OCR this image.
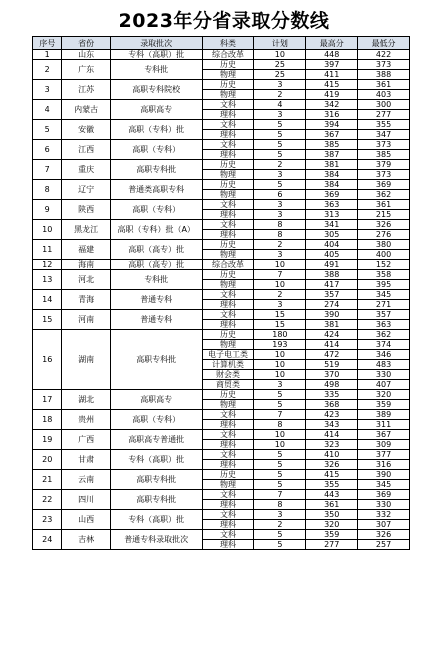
2023年分省录取分数线
序号	省份	录取批次	科类	计划	最高分	最低分
1	山东	专科（高职）批	综合改革	10	448	422
2	广东	专科批	历史	25	397	373
			物理	25	411	388
3	江苏	高职专科院校	历史	3	415	361
			物理	2	419	403
4	内蒙古	高职高专	文科	4	342	300
			理科	3	316	277
5	安徽	高职（专科）批	文科	5	394	355
			理科	5	367	347
6	江西	高职（专科）	文科	5	385	373
			理科	5	387	385
7	重庆	高职专科批	历史	2	381	379
			物理	3	384	373
8	辽宁	普通类高职专科	历史	5	384	369
			物理	6	369	362
9	陕西	高职（专科）	文科	3	363	361
			理科	3	313	215
10	黑龙江	高职（专科）批（A）	文科	8	341	326
			理科	8	305	276
11	福建	高职（高专）批	历史	2	404	380
			物理	3	405	400
12	海南	高职（高专）批	综合改革	10	491	152
13	河北	专科批	历史	7	388	358
			物理	10	417	395
14	青海	普通专科	文科	2	357	345
			理科	3	274	271
15	河南	普通专科	文科	15	390	357
			理科	15	381	363
16	湖南	高职专科批	历史	180	424	362
			物理	193	414	374
			电子电工类	10	472	346
			计算机类	10	519	483
			财会类	10	370	330
			商贸类	3	498	407
17	湖北	高职高专	历史	5	335	320
			物理	5	368	359
18	贵州	高职（专科）	文科	7	423	389
			理科	8	343	311
19	广西	高职高专普通批	文科	10	414	367
			理科	10	323	309
20	甘肃	专科（高职）批	文科	5	410	377
			理科	5	326	316
21	云南	高职专科批	历史	5	415	390
			物理	5	355	345
22	四川	高职专科批	文科	7	443	369
			理科	8	361	330
23	山西	专科（高职）批	文科	3	350	332
			理科	2	320	307
24	吉林	普通专科录取批次	文科	5	359	326
			理科	5	277	257
